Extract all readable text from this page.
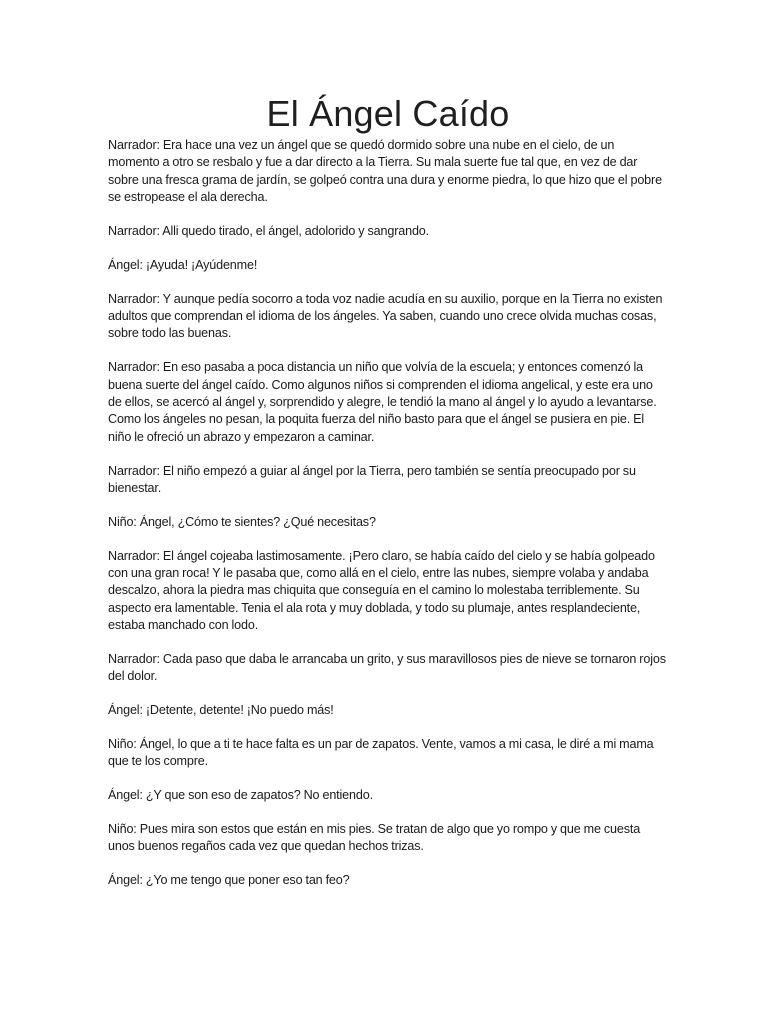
El Ángel Caído

Narrador: Era hace una vez un ángel que se quedó dormido sobre una nube en el cielo, de un momento a otro se resbalo y fue a dar directo a la Tierra. Su mala suerte fue tal que, en vez de dar sobre una fresca grama de jardín, se golpeó contra una dura y enorme piedra, lo que hizo que el pobre se estropease el ala derecha.

Narrador: Alli quedo tirado, el ángel, adolorido y sangrando.

Ángel: ¡Ayuda! ¡Ayúdenme!

Narrador: Y aunque pedía socorro a toda voz nadie acudía en su auxilio, porque en la Tierra no existen adultos que comprendan el idioma de los ángeles. Ya saben, cuando uno crece olvida muchas cosas, sobre todo las buenas.

Narrador: En eso pasaba a poca distancia un niño que volvía de la escuela; y entonces comenzó la buena suerte del ángel caído. Como algunos niños si comprenden el idioma angelical, y este era uno de ellos, se acercó al ángel y, sorprendido y alegre, le tendió la mano al ángel y lo ayudo a levantarse. Como los ángeles no pesan, la poquita fuerza del niño basto para que el ángel se pusiera en pie. El niño le ofreció un abrazo y empezaron a caminar.

Narrador: El niño empezó a guiar al ángel por la Tierra, pero también se sentía preocupado por su bienestar.

Niño: Ángel, ¿Cómo te sientes? ¿Qué necesitas?

Narrador: El ángel cojeaba lastimosamente. ¡Pero claro, se había caído del cielo y se había golpeado con una gran roca! Y le pasaba que, como allá en el cielo, entre las nubes, siempre volaba y andaba descalzo, ahora la piedra mas chiquita que conseguía en el camino lo molestaba terriblemente. Su aspecto era lamentable. Tenia el ala rota y muy doblada, y todo su plumaje, antes resplandeciente, estaba manchado con lodo.

Narrador: Cada paso que daba le arrancaba un grito, y sus maravillosos pies de nieve se tornaron rojos del dolor.

Ángel: ¡Detente, detente! ¡No puedo más!

Niño: Ángel, lo que a ti te hace falta es un par de zapatos. Vente, vamos a mi casa, le diré a mi mama que te los compre.

Ángel: ¿Y que son eso de zapatos? No entiendo.

Niño: Pues mira son estos que están en mis pies. Se tratan de algo que yo rompo y que me cuesta unos buenos regaños cada vez que quedan hechos trizas.

Ángel: ¿Yo me tengo que poner eso tan feo?
